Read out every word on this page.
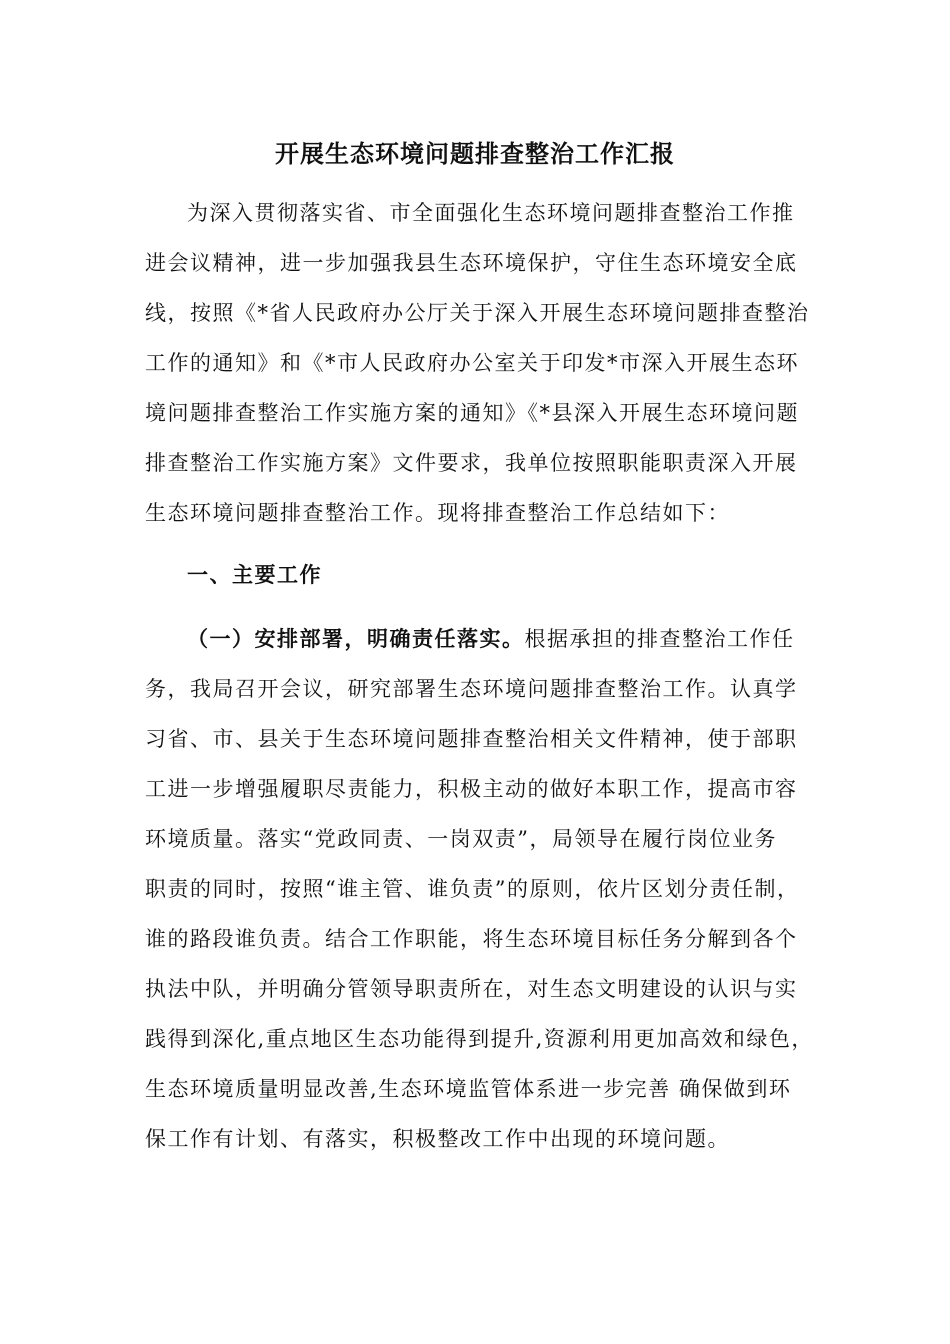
开展生态环境问题排查整治工作汇报
为深入贯彻落实省、市全面强化生态环境问题排查整治工作推
进会议精神，进一步加强我县生态环境保护，守住生态环境安全底
线，按照《*省人民政府办公厅关于深入开展生态环境问题排查整治
工作的通知》和《*市人民政府办公室关于印发*市深入开展生态环
境问题排查整治工作实施方案的通知》《*县深入开展生态环境问题
排查整治工作实施方案》文件要求，我单位按照职能职责深入开展
生态环境问题排查整治工作。现将排查整治工作总结如下：
一、主要工作
（一）安排部署，明确责任落实。根据承担的排查整治工作任
务，我局召开会议，研究部署生态环境问题排查整治工作。认真学
习省、市、县关于生态环境问题排查整治相关文件精神，使于部职
工进一步增强履职尽责能力，积极主动的做好本职工作，提高市容
环境质量。落实“党政同责、一岗双责”，局领导在履行岗位业务
职责的同时，按照“谁主管、谁负责”的原则，依片区划分责任制，
谁的路段谁负责。结合工作职能，将生态环境目标任务分解到各个
执法中队，并明确分管领导职责所在，对生态文明建设的认识与实
践得到深化,重点地区生态功能得到提升,资源利用更加高效和绿色，
生态环境质量明显改善,生态环境监管体系进一步完善 确保做到环
保工作有计划、有落实，积极整改工作中出现的环境问题。
